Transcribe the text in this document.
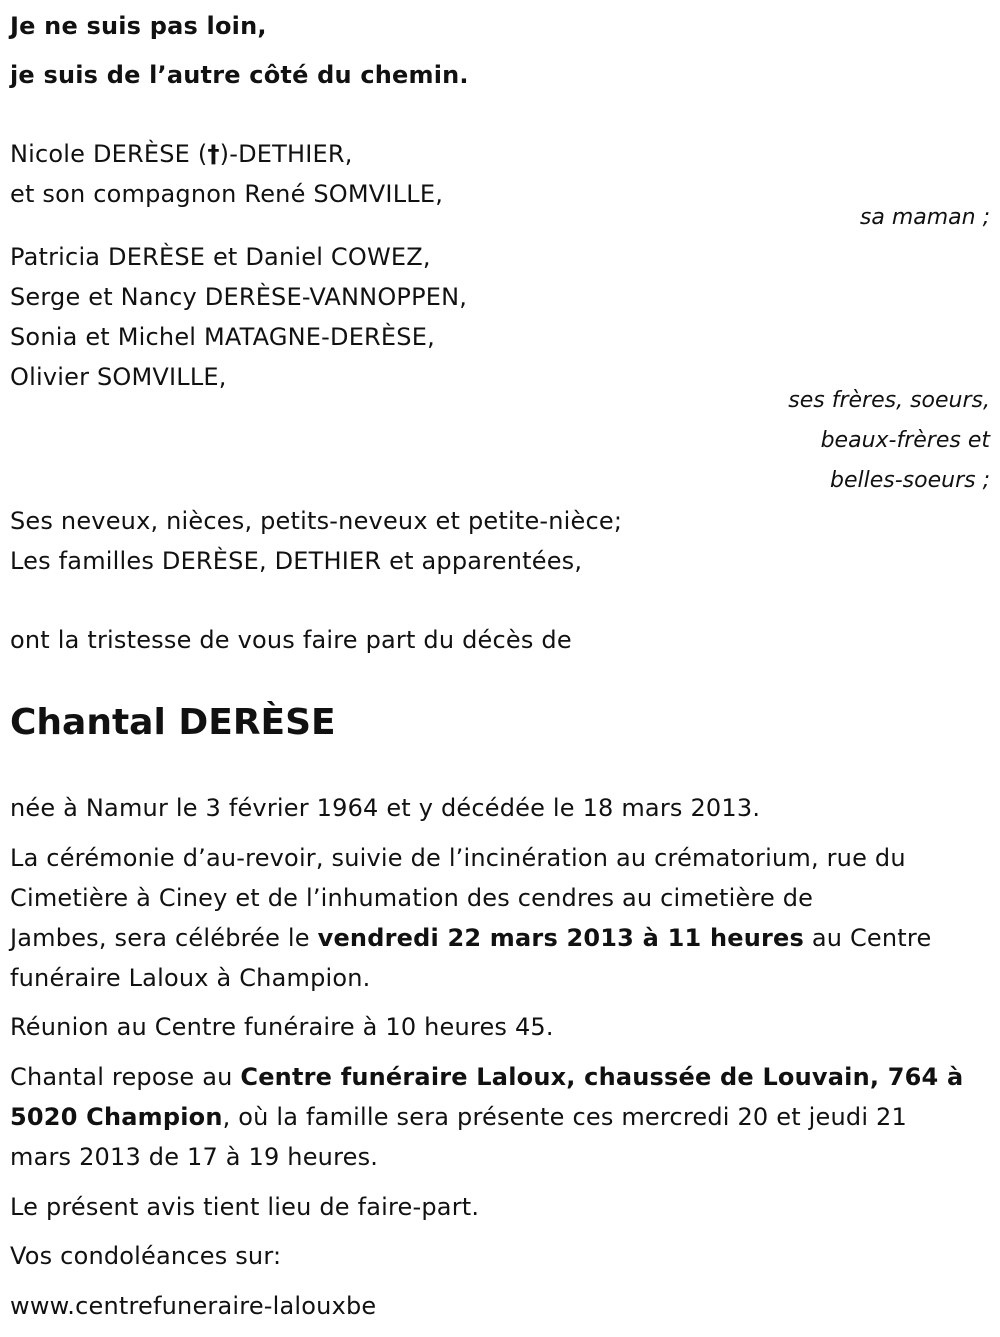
Je ne suis pas loin,
je suis de l’autre côté du chemin.
Nicole DERÈSE (†)-DETHIER,
et son compagnon René SOMVILLE,
sa maman ;
Patricia DERÈSE et Daniel COWEZ,
Serge et Nancy DERÈSE-VANNOPPEN,
Sonia et Michel MATAGNE-DERÈSE,
Olivier SOMVILLE,
ses frères, soeurs,
beaux-frères et
belles-soeurs ;
Ses neveux, nièces, petits-neveux et petite-nièce;
Les familles DERÈSE, DETHIER et apparentées,
ont la tristesse de vous faire part du décès de
Chantal DERÈSE
née à Namur le 3 février 1964 et y décédée le 18 mars 2013.
La cérémonie d’au-revoir, suivie de l’incinération au crématorium, rue du
Cimetière à Ciney et de l’inhumation des cendres au cimetière de
Jambes, sera célébrée le vendredi 22 mars 2013 à 11 heures au Centre
funéraire Laloux à Champion.
Réunion au Centre funéraire à 10 heures 45.
Chantal repose au Centre funéraire Laloux, chaussée de Louvain, 764 à
5020 Champion, où la famille sera présente ces mercredi 20 et jeudi 21
mars 2013 de 17 à 19 heures.
Le présent avis tient lieu de faire-part.
Vos condoléances sur:
www.centrefuneraire-lalouxbe
